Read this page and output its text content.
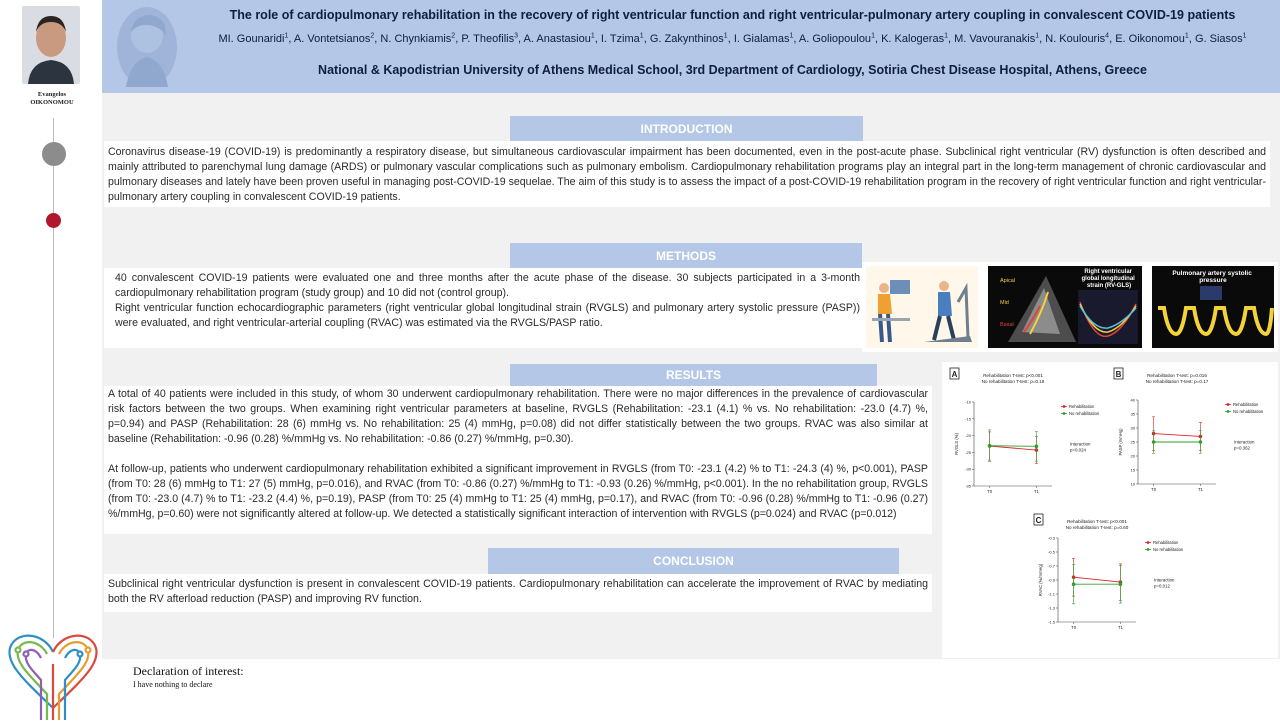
Evangelos
OIKONOMOU
The role of cardiopulmonary rehabilitation in the recovery of right ventricular function and right ventricular-pulmonary artery coupling in convalescent COVID-19 patients
MI. Gounaridi$^1$, A. Vontetsianos$^2$, N. Chynkiamis$^2$, P. Theofilis$^3$, A. Anastasiou$^1$, I. Tzima$^1$, G. Zakynthinos$^1$, I. Gialamas$^1$, A. Goliopoulou$^1$, K. Kalogeras$^1$, M. Vavouranakis$^1$, N. Koulouris$^4$, E. Oikonomou$^1$, G. Siasos$^1$
National & Kapodistrian University of Athens Medical School, 3rd Department of Cardiology, Sotiria Chest Disease Hospital, Athens, Greece
INTRODUCTION
Coronavirus disease-19 (COVID-19) is predominantly a respiratory disease, but simultaneous cardiovascular impairment has been documented, even in the post-acute phase. Subclinical right ventricular (RV) dysfunction is often described and mainly attributed to parenchymal lung damage (ARDS) or pulmonary vascular complications such as pulmonary embolism. Cardiopulmonary rehabilitation programs play an integral part in the long-term management of chronic cardiovascular and pulmonary diseases and lately have been proven useful in managing post-COVID-19 sequelae. The aim of this study is to assess the impact of a post-COVID-19 rehabilitation program in the recovery of right ventricular function and right ventricular-pulmonary artery coupling in convalescent COVID-19 patients.
METHODS
40 convalescent COVID-19 patients were evaluated one and three months after the acute phase of the disease. 30 subjects participated in a 3-month cardiopulmonary rehabilitation program (study group) and 10 did not (control group).
Right ventricular function echocardiographic parameters (right ventricular global longitudinal strain (RVGLS) and pulmonary artery systolic pressure (PASP)) were evaluated, and right ventricular-arterial coupling (RVAC) was estimated via the RVGLS/PASP ratio.
Right ventricular global longitudinal strain (RV-GLS)
Apical
Mid
Basal
Pulmonary artery systolic pressure
RESULTS

A total of 40 patients were included in this study, of whom 30 underwent cardiopulmonary rehabilitation. There were no major differences in the prevalence of cardiovascular risk factors between the two groups. When examining right ventricular parameters at baseline, RVGLS (Rehabilitation: -23.1 (4.1) % vs. No rehabilitation: -23.0 (4.7) %, p=0.94) and PASP (Rehabilitation: 28 (6) mmHg vs. No rehabilitation: 25 (4) mmHg, p=0.08) did not differ statistically between the two groups. RVAC was also similar at baseline (Rehabilitation: -0.96 (0.28) %/mmHg vs. No rehabilitation: -0.86 (0.27) %/mmHg, p=0.30).

At follow-up, patients who underwent cardiopulmonary rehabilitation exhibited a significant improvement in RVGLS (from T0: -23.1 (4.2) % to T1: -24.3 (4) %, p<0.001), PASP (from T0: 28 (6) mmHg to T1: 27 (5) mmHg, p=0.016), and RVAC (from T0: -0.86 (0.27) %/mmHg to T1: -0.93 (0.26) %/mmHg, p<0.001). In the no rehabilitation group, RVGLS (from T0: -23.0 (4.7) % to T1: -23.2 (4.4) %, p=0.19), PASP (from T0: 25 (4) mmHg to T1: 25 (4) mmHg, p=0.17), and RVAC (from T0: -0.96 (0.28) %/mmHg to T1: -0.96 (0.27) %/mmHg, p=0.60) were not significantly altered at follow-up. We detected a statistically significant interaction of intervention with RVGLS (p=0.024) and RVAC (p=0.012)

CONCLUSION
Subclinical right ventricular dysfunction is present in convalescent COVID-19 patients. Cardiopulmonary rehabilitation can accelerate the improvement of RVAC by mediating both the RV afterload reduction (PASP) and improving RV function.
A	Rehabilitation T-test: p<0.001
No rehabilitation T-test: p=0.19
-35
-30
-25
-20
-15
-10
RVGLS (%)
T0	T1
Rehabilitation
No rehabilitation
Interaction
p=0.024
B	Rehabilitation T-test: p=0.016
No rehabilitation T-test: p=0.17
10
15
20
25
30
35
40
PASP (mmHg)
T0	T1
Rehabilitation
No rehabilitation
Interaction
p=0.362
C	Rehabilitation T-test: p<0.001
No rehabilitation T-test: p=0.60
-1.5
-1.3
-1.1
-0.9
-0.7
-0.5
-0.3
RVAC (%/mmHg)
T0	T1
Rehabilitation
No rehabilitation
Interaction
p=0.012
Declaration of interest:
I have nothing to declare
